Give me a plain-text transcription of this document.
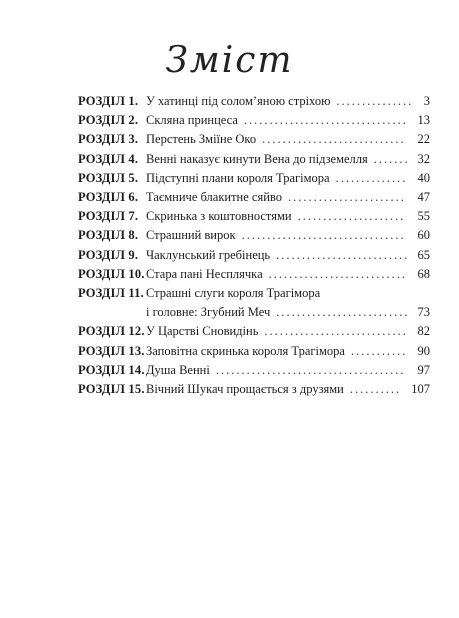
Зміст
РОЗДІЛ 1. У хатинці під солом’яною стріхою	3
...............
РОЗДІЛ 2. Скляна принцеса	13
................................
РОЗДІЛ 3. Перстень Зміїне Око	22
............................
РОЗДІЛ 4. Венні наказує кинути Вена до підземелля	32
.......
РОЗДІЛ 5. Підступні плани короля Трагімора	40
..............
РОЗДІЛ 6. Таємниче блакитне сяйво	47
.......................
РОЗДІЛ 7. Скринька з коштовностями	55
.....................
РОЗДІЛ 8. Страшний вирок	60
................................
РОЗДІЛ 9. Чаклунський гребінець	65
..........................
РОЗДІЛ 10. Стара пані Несплячка	68
...........................
РОЗДІЛ 11. Страшні слуги короля Трагімора
і головне: Згубний Меч	73
..........................
РОЗДІЛ 12. У Царстві Сновидінь	82
............................
РОЗДІЛ 13. Заповітна скринька короля Трагімора	90
...........
РОЗДІЛ 14. Душа Венні	97
.....................................
РОЗДІЛ 15. Вічний Шукач прощається з друзями	107
..........
